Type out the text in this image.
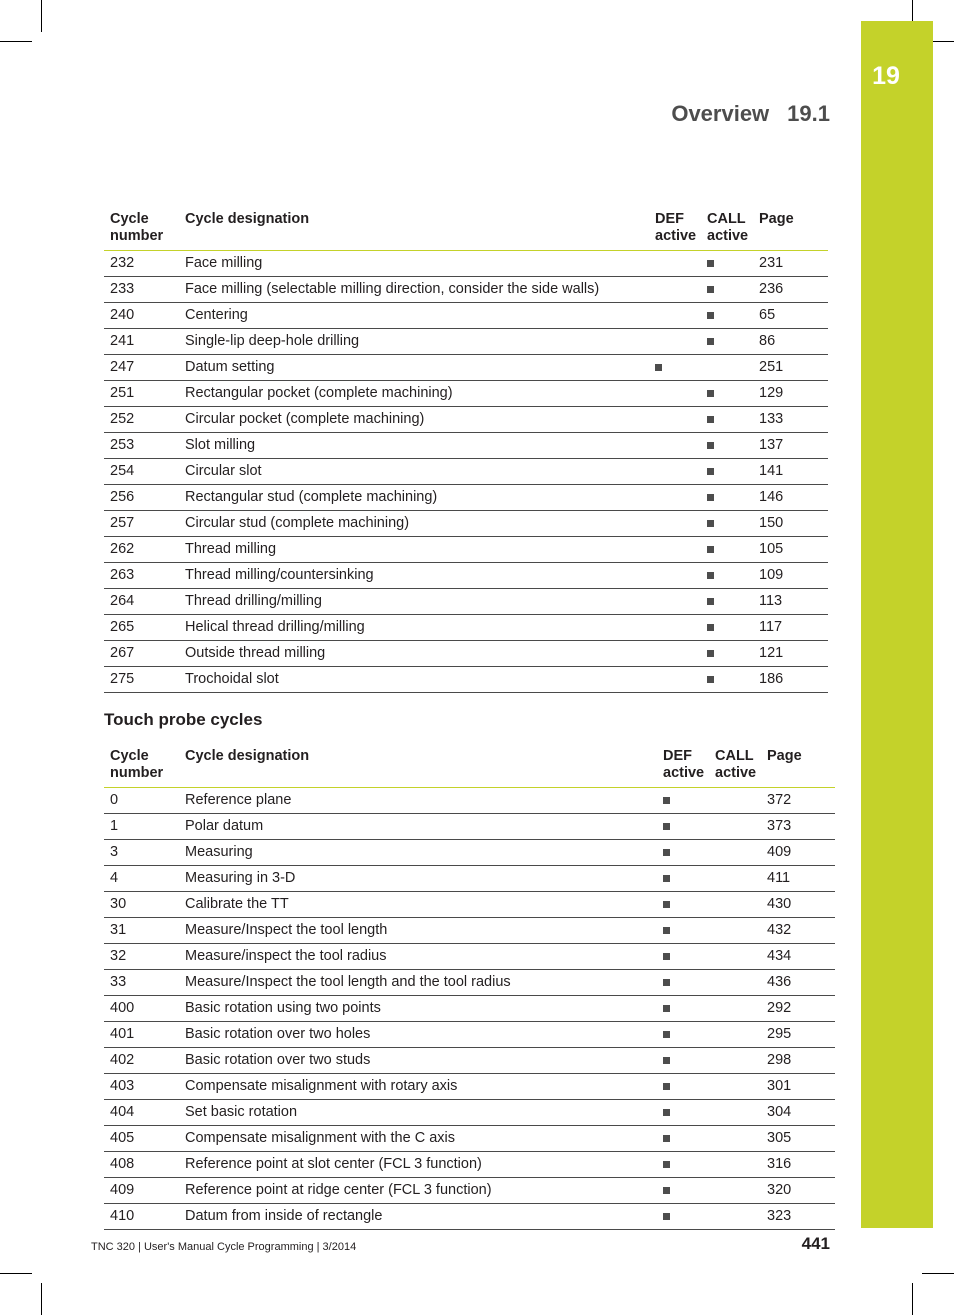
19
Overview 19.1
Cycle number	Cycle designation	DEF active	CALL active	Page
232	Face milling			231
233	Face milling (selectable milling direction, consider the side walls)			236
240	Centering			65
241	Single-lip deep-hole drilling			86
247	Datum setting			251
251	Rectangular pocket (complete machining)			129
252	Circular pocket (complete machining)			133
253	Slot milling			137
254	Circular slot			141
256	Rectangular stud (complete machining)			146
257	Circular stud (complete machining)			150
262	Thread milling			105
263	Thread milling/countersinking			109
264	Thread drilling/milling			113
265	Helical thread drilling/milling			117
267	Outside thread milling			121
275	Trochoidal slot			186
Touch probe cycles
Cycle number	Cycle designation	DEF active	CALL active	Page
0	Reference plane			372
1	Polar datum			373
3	Measuring			409
4	Measuring in 3-D			411
30	Calibrate the TT			430
31	Measure/Inspect the tool length			432
32	Measure/inspect the tool radius			434
33	Measure/Inspect the tool length and the tool radius			436
400	Basic rotation using two points			292
401	Basic rotation over two holes			295
402	Basic rotation over two studs			298
403	Compensate misalignment with rotary axis			301
404	Set basic rotation			304
405	Compensate misalignment with the C axis			305
408	Reference point at slot center (FCL 3 function)			316
409	Reference point at ridge center (FCL 3 function)			320
410	Datum from inside of rectangle			323
TNC 320 | User's Manual Cycle Programming | 3/2014	441
